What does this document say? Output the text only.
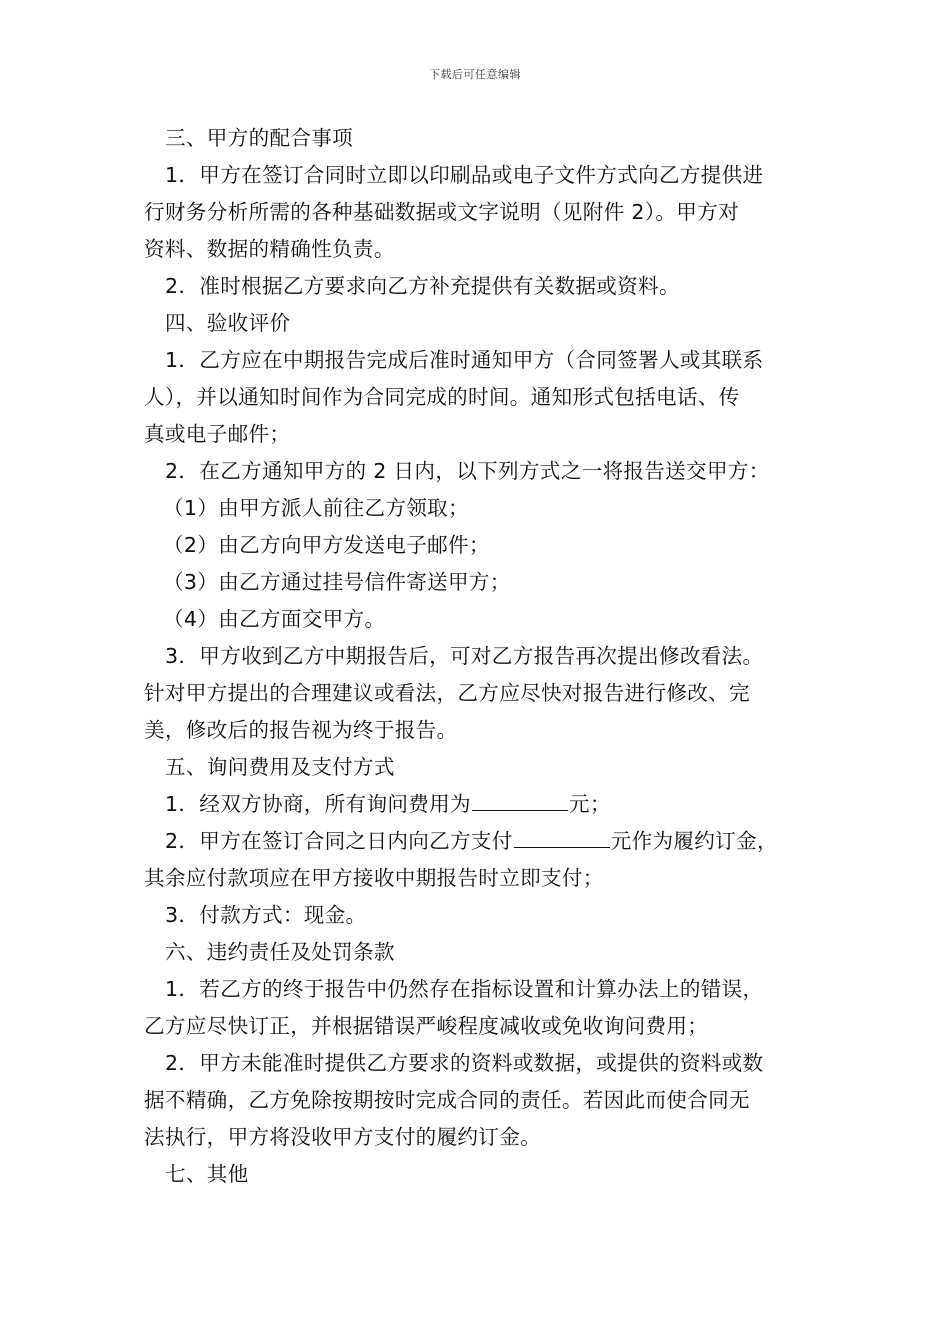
下载后可任意编辑
三、甲方的配合事项
1．甲方在签订合同时立即以印刷品或电子文件方式向乙方提供进
行财务分析所需的各种基础数据或文字说明（见附件 2）。甲方对
资料、数据的精确性负责。
2．准时根据乙方要求向乙方补充提供有关数据或资料。
四、验收评价
1．乙方应在中期报告完成后准时通知甲方（合同签署人或其联系
人），并以通知时间作为合同完成的时间。通知形式包括电话、传
真或电子邮件；
2．在乙方通知甲方的 2 日内，以下列方式之一将报告送交甲方：
（1）由甲方派人前往乙方领取；
（2）由乙方向甲方发送电子邮件；
（3）由乙方通过挂号信件寄送甲方；
（4）由乙方面交甲方。
3．甲方收到乙方中期报告后，可对乙方报告再次提出修改看法。
针对甲方提出的合理建议或看法，乙方应尽快对报告进行修改、完
美，修改后的报告视为终于报告。
五、询问费用及支付方式
1．经双方协商，所有询问费用为	元；
2．甲方在签订合同之日内向乙方支付	元作为履约订金，
其余应付款项应在甲方接收中期报告时立即支付；
3．付款方式：现金。
六、违约责任及处罚条款
1．若乙方的终于报告中仍然存在指标设置和计算办法上的错误，
乙方应尽快订正，并根据错误严峻程度减收或免收询问费用；
2．甲方未能准时提供乙方要求的资料或数据，或提供的资料或数
据不精确，乙方免除按期按时完成合同的责任。若因此而使合同无
法执行，甲方将没收甲方支付的履约订金。
七、其他
